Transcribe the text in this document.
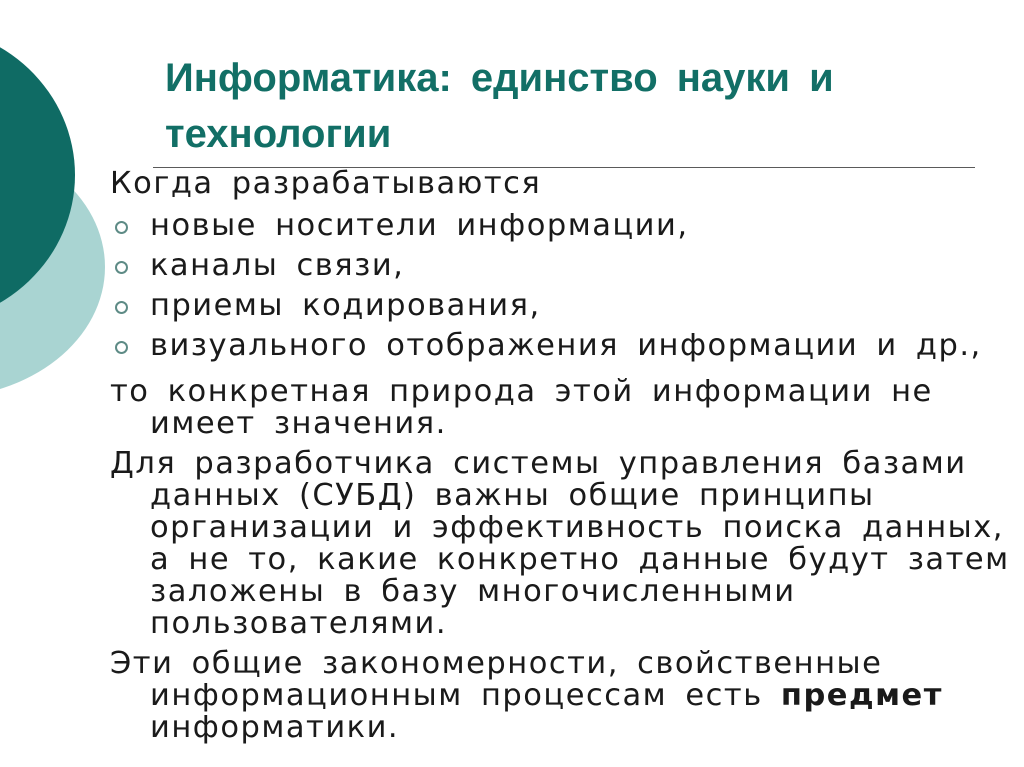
Информатика: единство науки и технологии

Когда разрабатываются

новые носители информации,
каналы связи,
приемы кодирования,
визуального отображения информации и др.,

то конкретная природа этой информации не имеет значения.

Для разработчика системы управления базами данных (СУБД) важны общие принципы организации и эффективность поиска данных, а не то, какие конкретно данные будут затем заложены в базу многочисленными пользователями.

Эти общие закономерности, свойственные информационным процессам есть предмет информатики.
